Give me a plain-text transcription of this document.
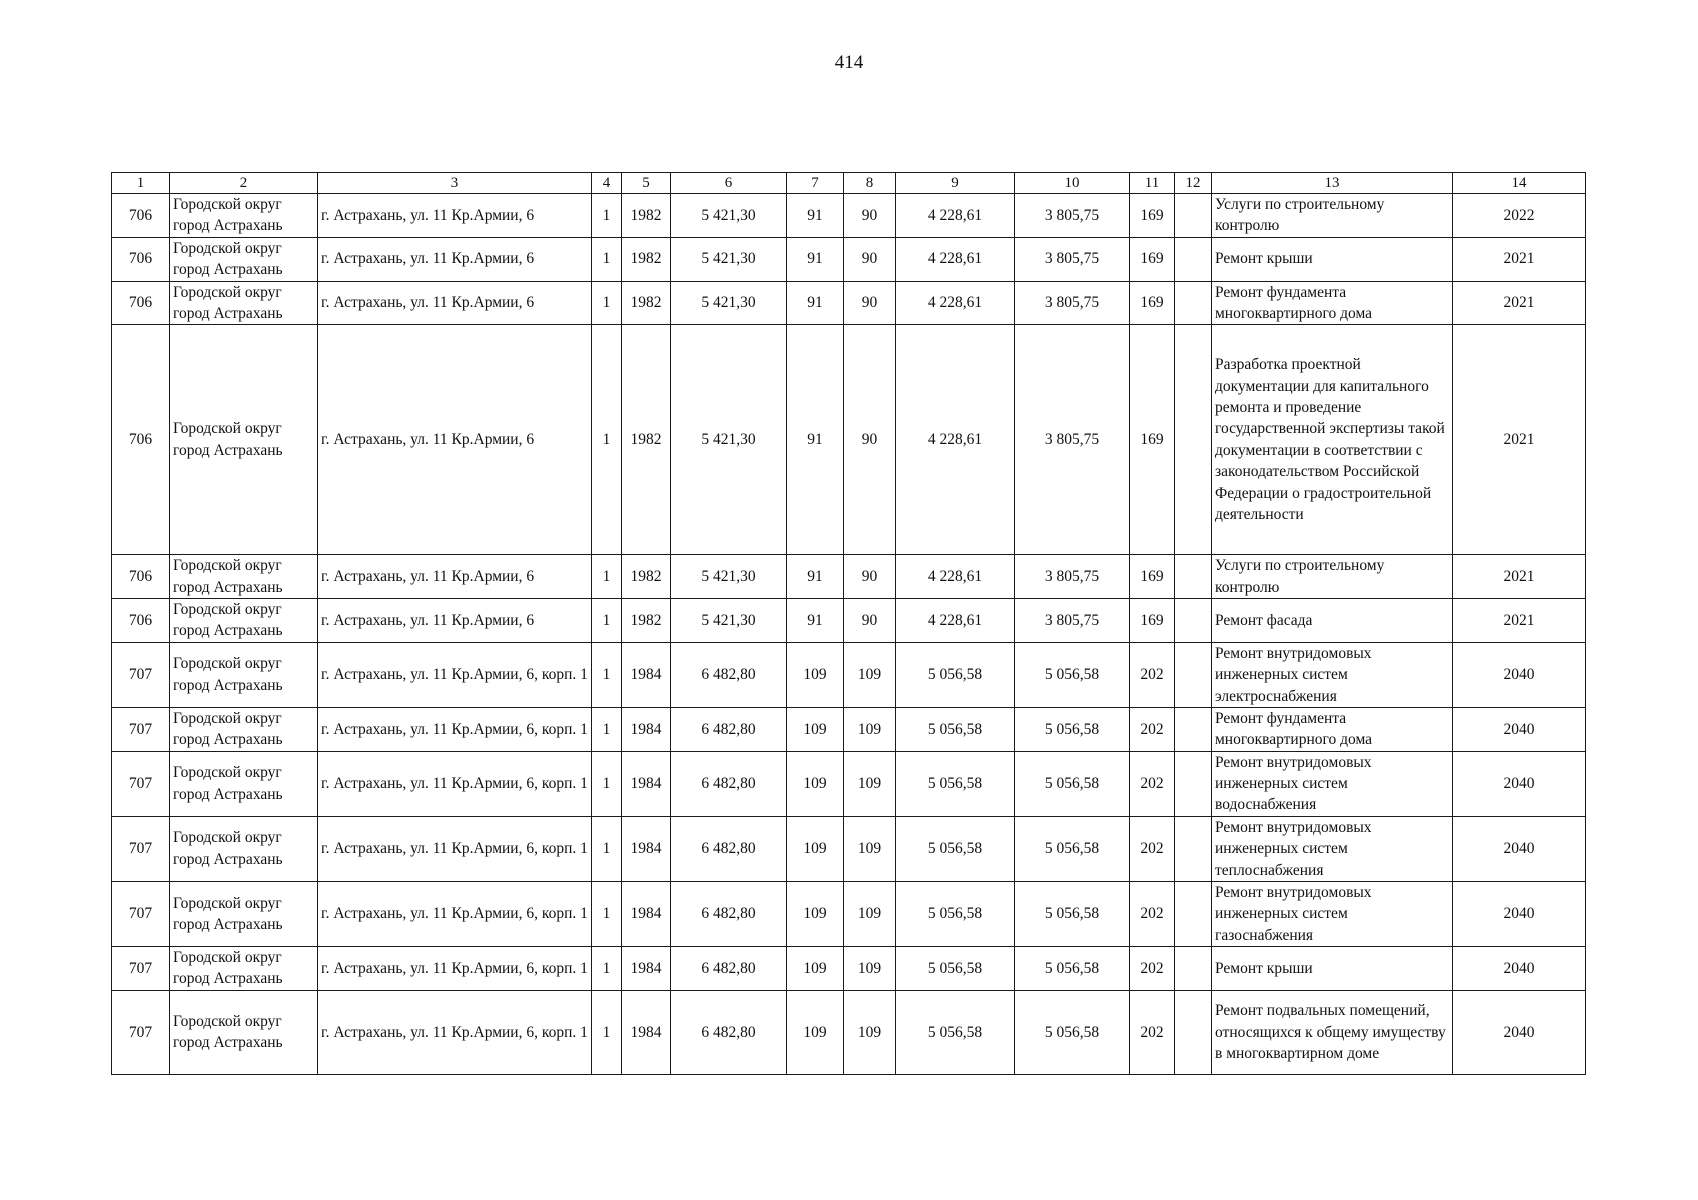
414
1	2	3	4	5	6	7	8	9	10	11	12	13	14
706	Городской округ город Астрахань	г. Астрахань, ул. 11 Кр.Армии, 6	1	1982	5 421,30	91	90	4 228,61	3 805,75	169		Услуги по строительному контролю	2022
706	Городской округ город Астрахань	г. Астрахань, ул. 11 Кр.Армии, 6	1	1982	5 421,30	91	90	4 228,61	3 805,75	169		Ремонт крыши	2021
706	Городской округ город Астрахань	г. Астрахань, ул. 11 Кр.Армии, 6	1	1982	5 421,30	91	90	4 228,61	3 805,75	169		Ремонт фундамента многоквартирного дома	2021
706	Городской округ город Астрахань	г. Астрахань, ул. 11 Кр.Армии, 6	1	1982	5 421,30	91	90	4 228,61	3 805,75	169		Разработка проектной документации для капитального ремонта и проведение государственной экспертизы такой документации в соответствии с законодательством Российской Федерации о градостроительной деятельности	2021
706	Городской округ город Астрахань	г. Астрахань, ул. 11 Кр.Армии, 6	1	1982	5 421,30	91	90	4 228,61	3 805,75	169		Услуги по строительному контролю	2021
706	Городской округ город Астрахань	г. Астрахань, ул. 11 Кр.Армии, 6	1	1982	5 421,30	91	90	4 228,61	3 805,75	169		Ремонт фасада	2021
707	Городской округ город Астрахань	г. Астрахань, ул. 11 Кр.Армии, 6, корп. 1	1	1984	6 482,80	109	109	5 056,58	5 056,58	202		Ремонт внутридомовых инженерных систем электроснабжения	2040
707	Городской округ город Астрахань	г. Астрахань, ул. 11 Кр.Армии, 6, корп. 1	1	1984	6 482,80	109	109	5 056,58	5 056,58	202		Ремонт фундамента многоквартирного дома	2040
707	Городской округ город Астрахань	г. Астрахань, ул. 11 Кр.Армии, 6, корп. 1	1	1984	6 482,80	109	109	5 056,58	5 056,58	202		Ремонт внутридомовых инженерных систем водоснабжения	2040
707	Городской округ город Астрахань	г. Астрахань, ул. 11 Кр.Армии, 6, корп. 1	1	1984	6 482,80	109	109	5 056,58	5 056,58	202		Ремонт внутридомовых инженерных систем теплоснабжения	2040
707	Городской округ город Астрахань	г. Астрахань, ул. 11 Кр.Армии, 6, корп. 1	1	1984	6 482,80	109	109	5 056,58	5 056,58	202		Ремонт внутридомовых инженерных систем газоснабжения	2040
707	Городской округ город Астрахань	г. Астрахань, ул. 11 Кр.Армии, 6, корп. 1	1	1984	6 482,80	109	109	5 056,58	5 056,58	202		Ремонт крыши	2040
707	Городской округ город Астрахань	г. Астрахань, ул. 11 Кр.Армии, 6, корп. 1	1	1984	6 482,80	109	109	5 056,58	5 056,58	202		Ремонт подвальных помещений, относящихся к общему имуществу в многоквартирном доме	2040
